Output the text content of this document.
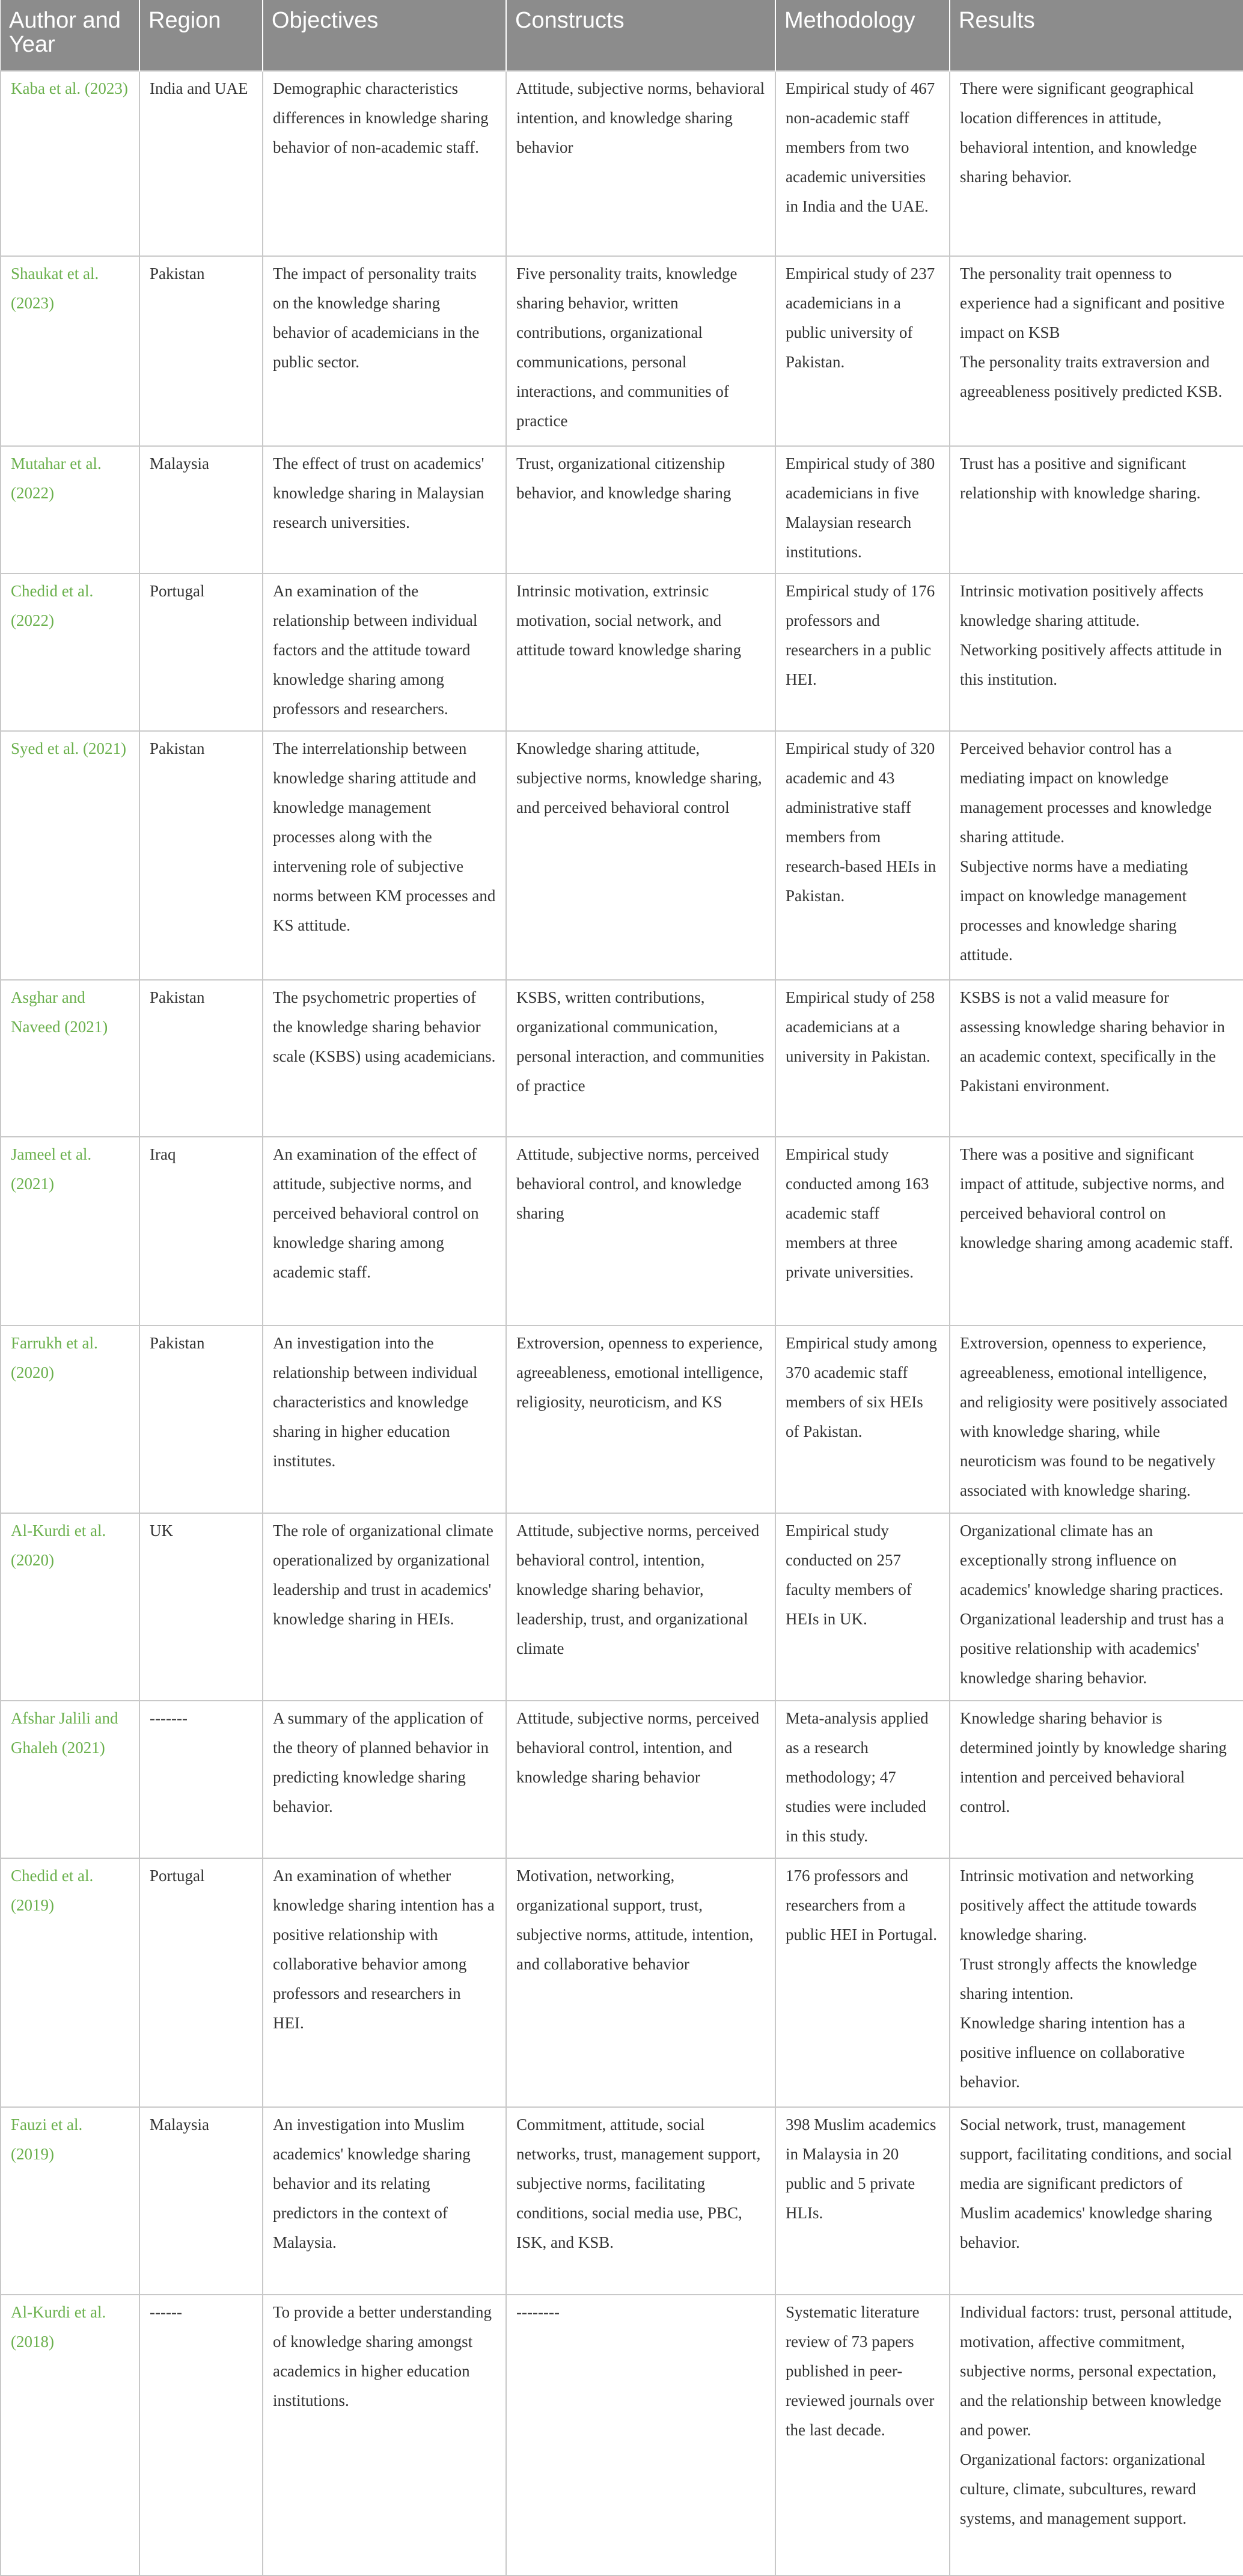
Author and Year	Region	Objectives	Constructs	Methodology	Results
Kaba et al. (2023)	India and UAE	Demographic characteristics differences in knowledge sharing behavior of non-academic staff.	Attitude, subjective norms, behavioral intention, and knowledge sharing behavior	Empirical study of 467 non-academic staff members from two academic universities in India and the UAE.	There were significant geographical location differences in attitude, behavioral intention, and knowledge sharing behavior.

Shaukat et al. (2023)	Pakistan	The impact of personality traits on the knowledge sharing behavior of academicians in the public sector.	Five personality traits, knowledge sharing behavior, written contributions, organizational communications, personal interactions, and communities of practice	Empirical study of 237 academicians in a public university of Pakistan.	The personality trait openness to experience had a significant and positive impact on KSB
The personality traits extraversion and agreeableness positively predicted KSB.

Mutahar et al. (2022)	Malaysia	The effect of trust on academics' knowledge sharing in Malaysian research universities.	Trust, organizational citizenship behavior, and knowledge sharing	Empirical study of 380 academicians in five Malaysian research institutions.	Trust has a positive and significant relationship with knowledge sharing.

Chedid et al. (2022)	Portugal	An examination of the relationship between individual factors and the attitude toward knowledge sharing among professors and researchers.	Intrinsic motivation, extrinsic motivation, social network, and attitude toward knowledge sharing	Empirical study of 176 professors and researchers in a public HEI.	Intrinsic motivation positively affects knowledge sharing attitude.
Networking positively affects attitude in this institution.

Syed et al. (2021)	Pakistan	The interrelationship between knowledge sharing attitude and knowledge management processes along with the intervening role of subjective norms between KM processes and KS attitude.	Knowledge sharing attitude, subjective norms, knowledge sharing, and perceived behavioral control	Empirical study of 320 academic and 43 administrative staff members from research-based HEIs in Pakistan.	Perceived behavior control has a mediating impact on knowledge management processes and knowledge sharing attitude.
Subjective norms have a mediating impact on knowledge management processes and knowledge sharing attitude.

Asghar and Naveed (2021)	Pakistan	The psychometric properties of the knowledge sharing behavior scale (KSBS) using academicians.	KSBS, written contributions, organizational communication, personal interaction, and communities of practice	Empirical study of 258 academicians at a university in Pakistan.	KSBS is not a valid measure for assessing knowledge sharing behavior in an academic context, specifically in the Pakistani environment.

Jameel et al. (2021)	Iraq	An examination of the effect of attitude, subjective norms, and perceived behavioral control on knowledge sharing among academic staff.	Attitude, subjective norms, perceived behavioral control, and knowledge sharing	Empirical study conducted among 163 academic staff members at three private universities.	There was a positive and significant impact of attitude, subjective norms, and perceived behavioral control on knowledge sharing among academic staff.

Farrukh et al. (2020)	Pakistan	An investigation into the relationship between individual characteristics and knowledge sharing in higher education institutes.	Extroversion, openness to experience, agreeableness, emotional intelligence, religiosity, neuroticism, and KS	Empirical study among 370 academic staff members of six HEIs of Pakistan.	Extroversion, openness to experience, agreeableness, emotional intelligence, and religiosity were positively associated with knowledge sharing, while neuroticism was found to be negatively associated with knowledge sharing.

Al-Kurdi et al. (2020)	UK	The role of organizational climate operationalized by organizational leadership and trust in academics' knowledge sharing in HEIs.	Attitude, subjective norms, perceived behavioral control, intention, knowledge sharing behavior, leadership, trust, and organizational climate	Empirical study conducted on 257 faculty members of HEIs in UK.	Organizational climate has an exceptionally strong influence on academics' knowledge sharing practices.
Organizational leadership and trust has a positive relationship with academics' knowledge sharing behavior.

Afshar Jalili and Ghaleh (2021)	-------	A summary of the application of the theory of planned behavior in predicting knowledge sharing behavior.	Attitude, subjective norms, perceived behavioral control, intention, and knowledge sharing behavior	Meta-analysis applied as a research methodology; 47 studies were included in this study.	Knowledge sharing behavior is determined jointly by knowledge sharing intention and perceived behavioral control.

Chedid et al. (2019)	Portugal	An examination of whether knowledge sharing intention has a positive relationship with collaborative behavior among professors and researchers in HEI.	Motivation, networking, organizational support, trust, subjective norms, attitude, intention, and collaborative behavior	176 professors and researchers from a public HEI in Portugal.	Intrinsic motivation and networking positively affect the attitude towards knowledge sharing.
Trust strongly affects the knowledge sharing intention.
Knowledge sharing intention has a positive influence on collaborative behavior.

Fauzi et al. (2019)	Malaysia	An investigation into Muslim academics' knowledge sharing behavior and its relating predictors in the context of Malaysia.	Commitment, attitude, social networks, trust, management support, subjective norms, facilitating conditions, social media use, PBC, ISK, and KSB.	398 Muslim academics in Malaysia in 20 public and 5 private HLIs.	Social network, trust, management support, facilitating conditions, and social media are significant predictors of Muslim academics' knowledge sharing behavior.

Al-Kurdi et al. (2018)	------	To provide a better understanding of knowledge sharing amongst academics in higher education institutions.	--------	Systematic literature review of 73 papers published in peer-reviewed journals over the last decade.	Individual factors: trust, personal attitude, motivation, affective commitment, subjective norms, personal expectation, and the relationship between knowledge and power.
Organizational factors: organizational culture, climate, subcultures, reward systems, and management support.
